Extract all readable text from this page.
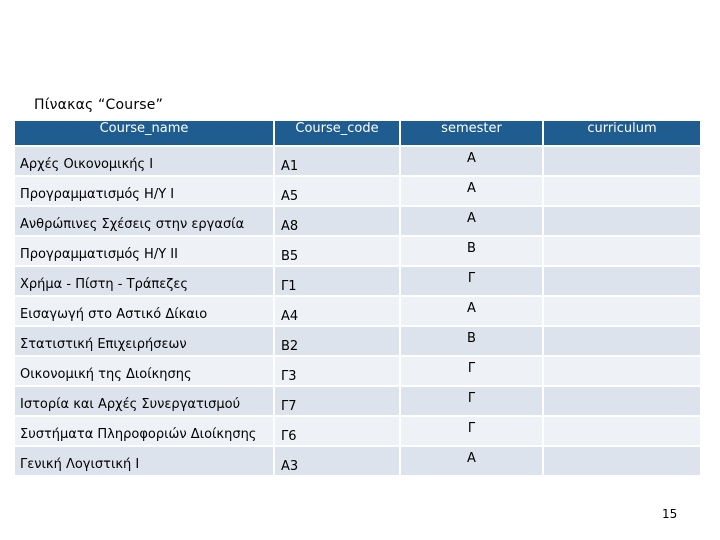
Πίνακας “Course”
Course_name	Course_code	semester	curriculum
Αρχές Οικονομικής Ι	Α1	Α	
Προγραμματισμός Η/Υ Ι	Α5	Α	
Ανθρώπινες Σχέσεις στην εργασία	Α8	Α	
Προγραμματισμός Η/Υ ΙΙ	Β5	Β	
Χρήμα - Πίστη - Τράπεζες	Γ1	Γ	
Εισαγωγή στο Αστικό Δίκαιο	Α4	Α	
Στατιστική Επιχειρήσεων	Β2	Β	
Οικονομική της Διοίκησης	Γ3	Γ	
Ιστορία και Αρχές Συνεργατισμού	Γ7	Γ	
Συστήματα Πληροφοριών Διοίκησης	Γ6	Γ	
Γενική Λογιστική Ι	Α3	Α	
15
